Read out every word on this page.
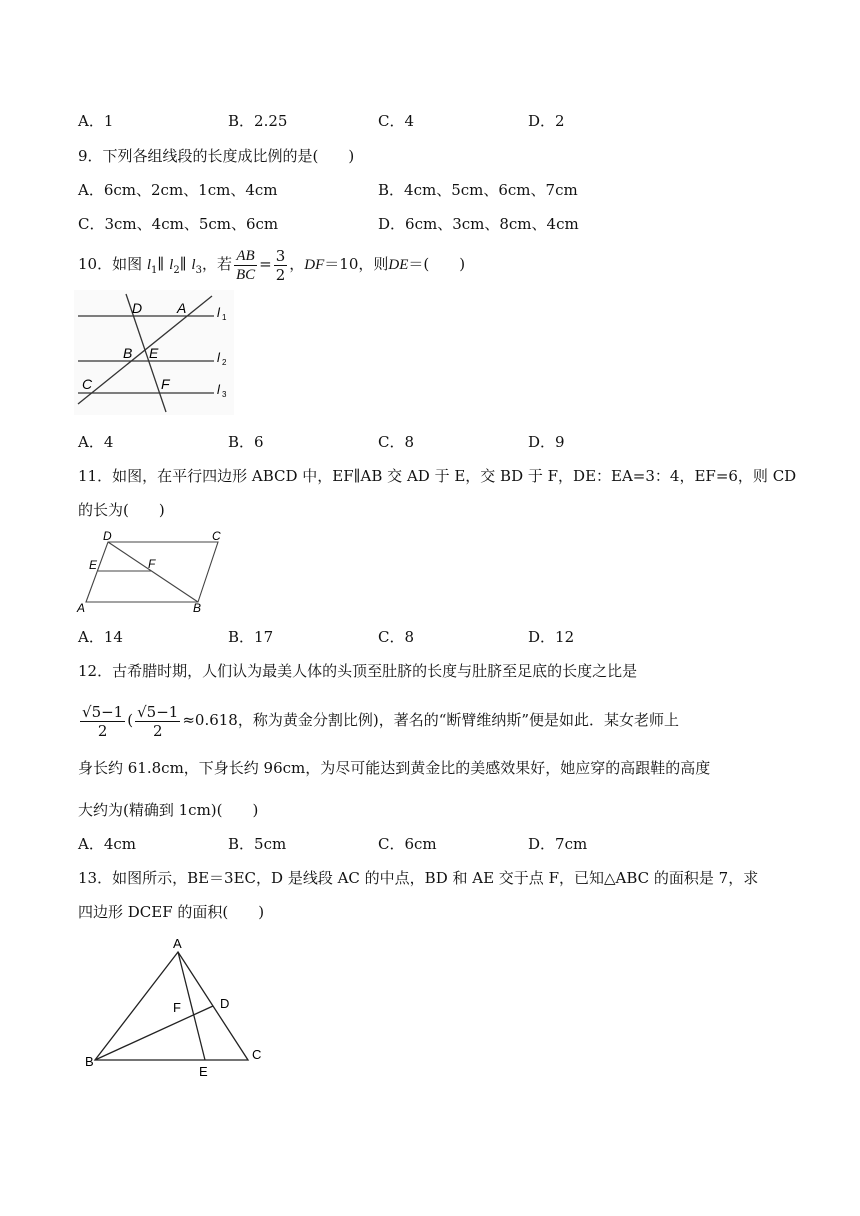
A．1	B．2.25	C．4	D．2
9．下列各组线段的长度成比例的是(　　)
A．6cm、2cm、1cm、4cm	B．4cm、5cm、6cm、7cm
C．3cm、4cm、5cm、6cm	D．6cm、3cm、8cm、4cm
10．如图 $l_1\parallel$ $l_2\parallel$ $l_3$，若 $\frac{AB}{BC} = \frac{3}{2}$ ，DF＝10，则DE＝(　　)
D A
B E
C	F
l 1
l 2
l 3
A．4	B．6	C．8	D．9
11．如图，在平行四边形 ABCD 中，EF∥AB 交 AD 于 E，交 BD 于 F，DE：EA=3：4，EF=6，则 CD
的长为(　　)
D	C
E	F
A	B
A．14	B．17	C．8	D．12
12．古希腊时期，人们认为最美人体的头顶至肚脐的长度与肚脐至足底的长度之比是
$\frac{√5-1}{2}$ ( $\frac{√5-1}{2} \approx 0.618$，称为黄金分割比例)，著名的“断臂维纳斯”便是如此．某女老师上
身长约 61.8cm，下身长约 96cm，为尽可能达到黄金比的美感效果好，她应穿的高跟鞋的高度
大约为(精确到 1cm)(　　)
A．4cm	B．5cm	C．6cm	D．7cm
13．如图所示，BE＝3EC，D 是线段 AC 的中点，BD 和 AE 交于点 F，已知△ABC 的面积是 7，求
四边形 DCEF 的面积(　　)
A
B	C
D
E
F
